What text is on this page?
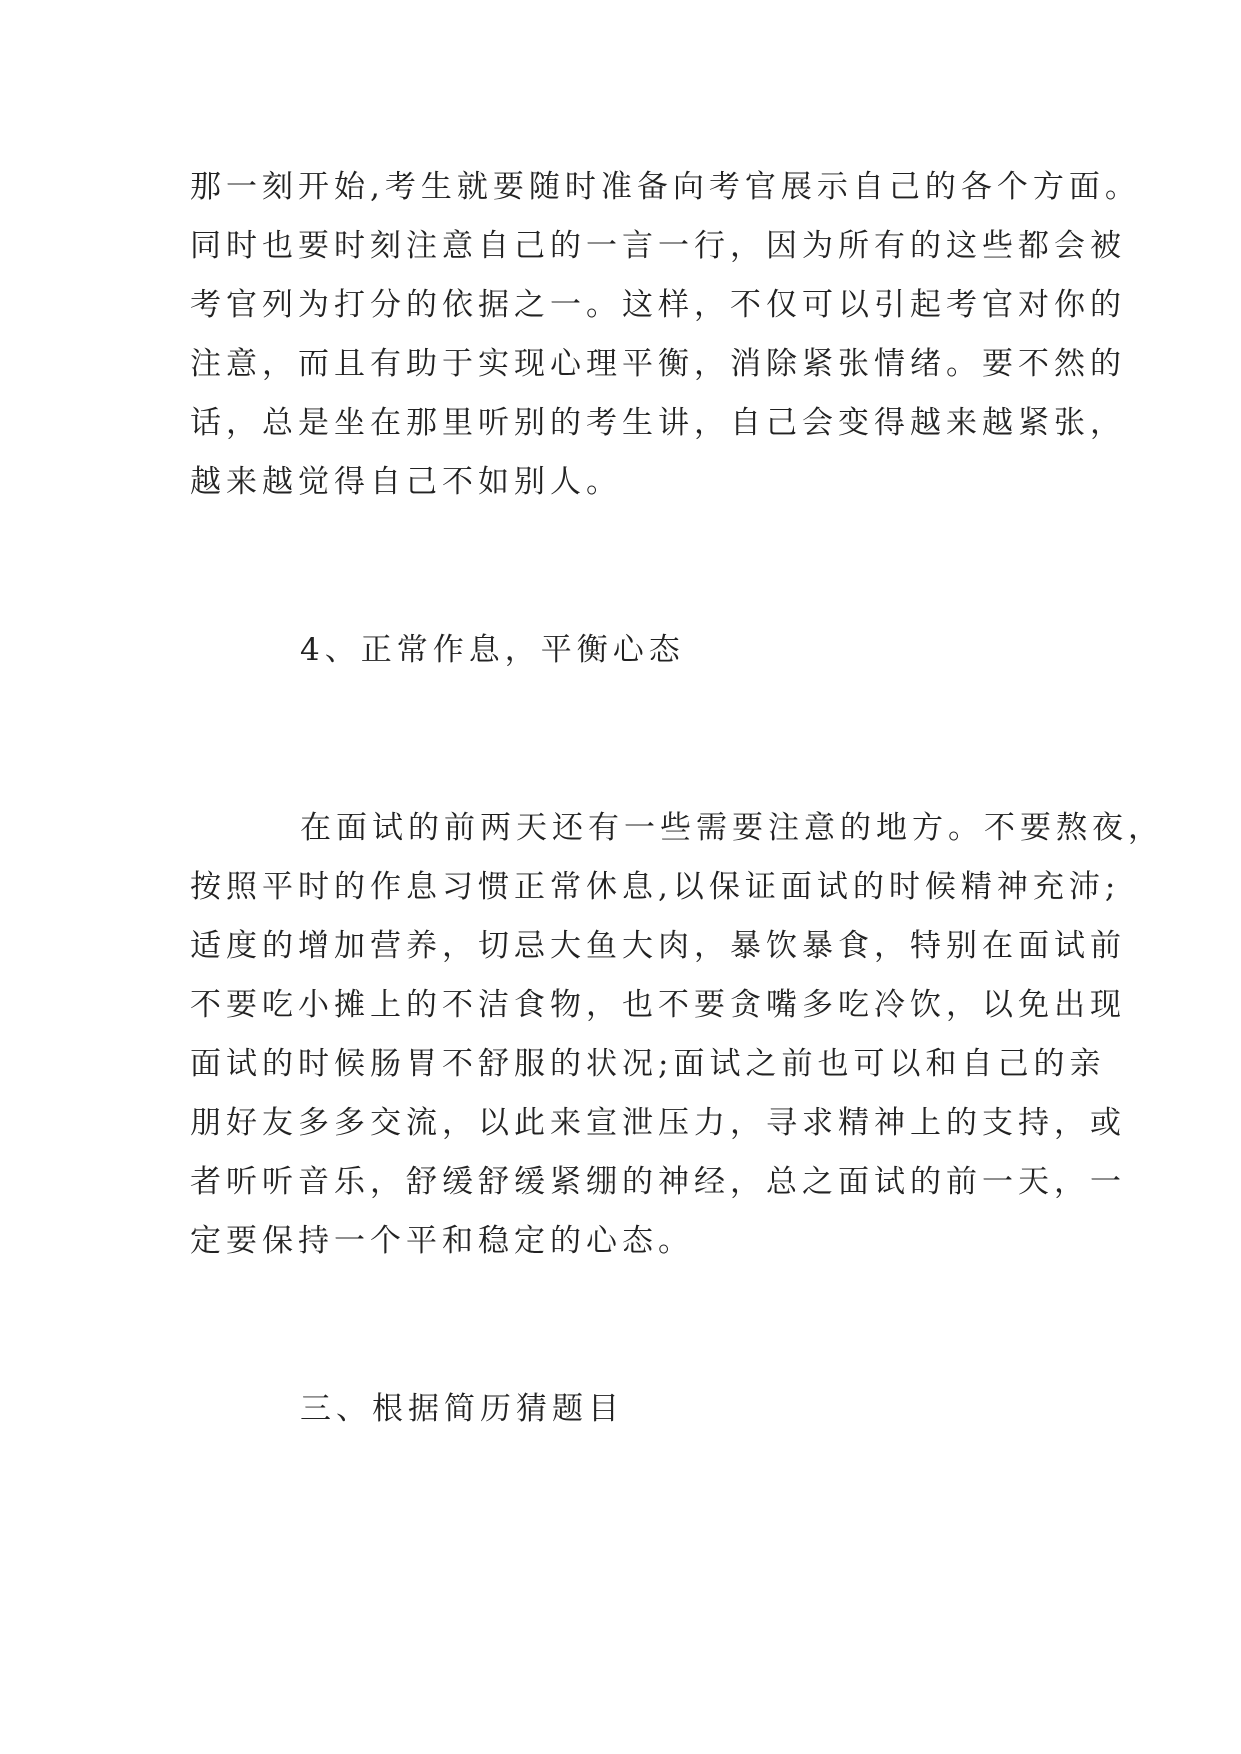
那一刻开始,考生就要随时准备向考官展示自己的各个方面。
同时也要时刻注意自己的一言一行，因为所有的这些都会被
考官列为打分的依据之一。这样，不仅可以引起考官对你的
注意，而且有助于实现心理平衡，消除紧张情绪。要不然的
话，总是坐在那里听别的考生讲，自己会变得越来越紧张，
越来越觉得自己不如别人。
4、正常作息，平衡心态
在面试的前两天还有一些需要注意的地方。不要熬夜，
按照平时的作息习惯正常休息,以保证面试的时候精神充沛;
适度的增加营养，切忌大鱼大肉，暴饮暴食，特别在面试前
不要吃小摊上的不洁食物，也不要贪嘴多吃冷饮，以免出现
面试的时候肠胃不舒服的状况;面试之前也可以和自己的亲
朋好友多多交流，以此来宣泄压力，寻求精神上的支持，或
者听听音乐，舒缓舒缓紧绷的神经，总之面试的前一天，一
定要保持一个平和稳定的心态。
三、根据简历猜题目
